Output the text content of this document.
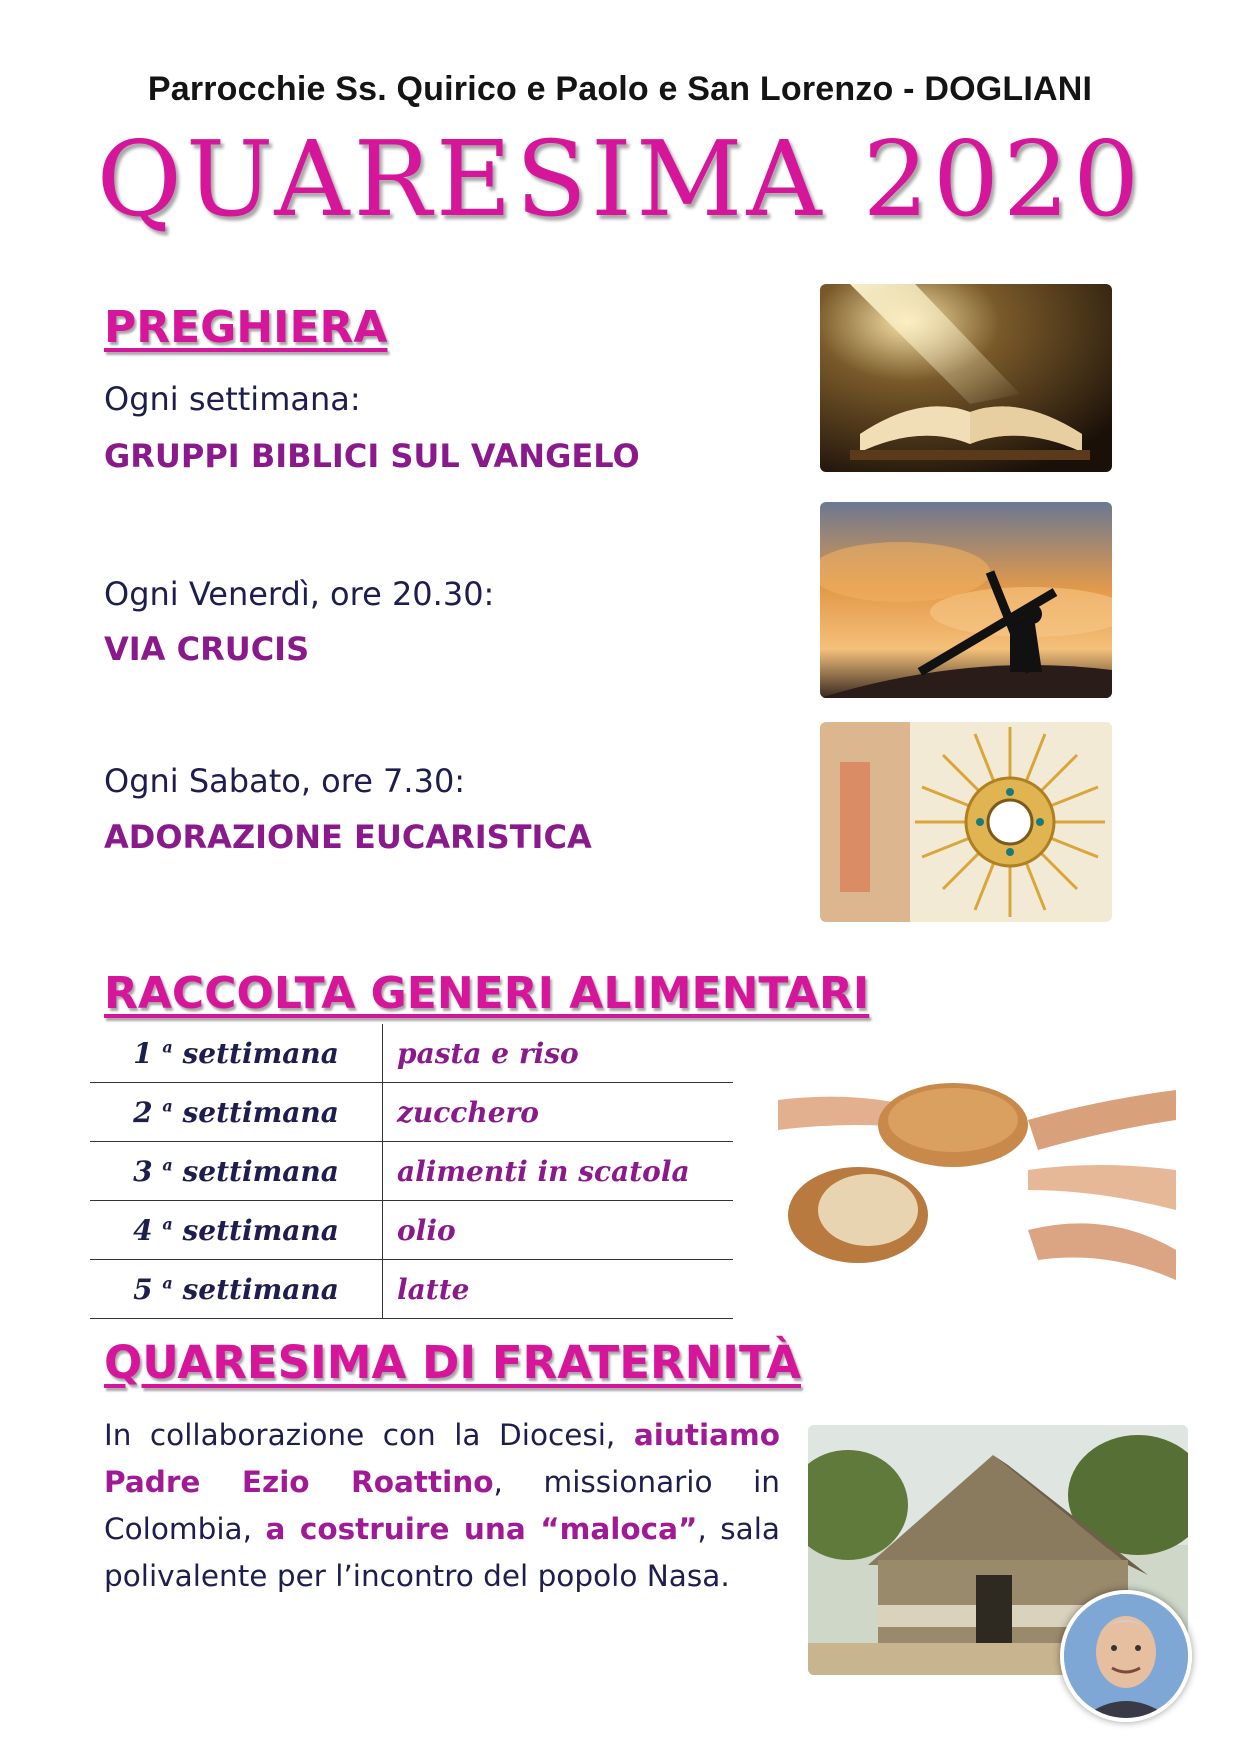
Parrocchie Ss. Quirico e Paolo e San Lorenzo - DOGLIANI
QUARESIMA 2020
PREGHIERA
Ogni settimana:
GRUPPI BIBLICI SUL VANGELO
Ogni Venerdì, ore 20.30:
VIA CRUCIS
Ogni Sabato, ore 7.30:
ADORAZIONE EUCARISTICA
RACCOLTA GENERI ALIMENTARI
1 $^a$ settimana	pasta e riso
2 $^a$ settimana	zucchero
3 $^a$ settimana	alimenti in scatola
4 $^a$ settimana	olio
5 $^a$ settimana	latte
QUARESIMA DI FRATERNITÀ
In collaborazione con la Diocesi, aiutiamo Padre Ezio Roattino, missionario in Colombia, a costruire una “maloca”, sala polivalente per l’incontro del popolo Nasa.
